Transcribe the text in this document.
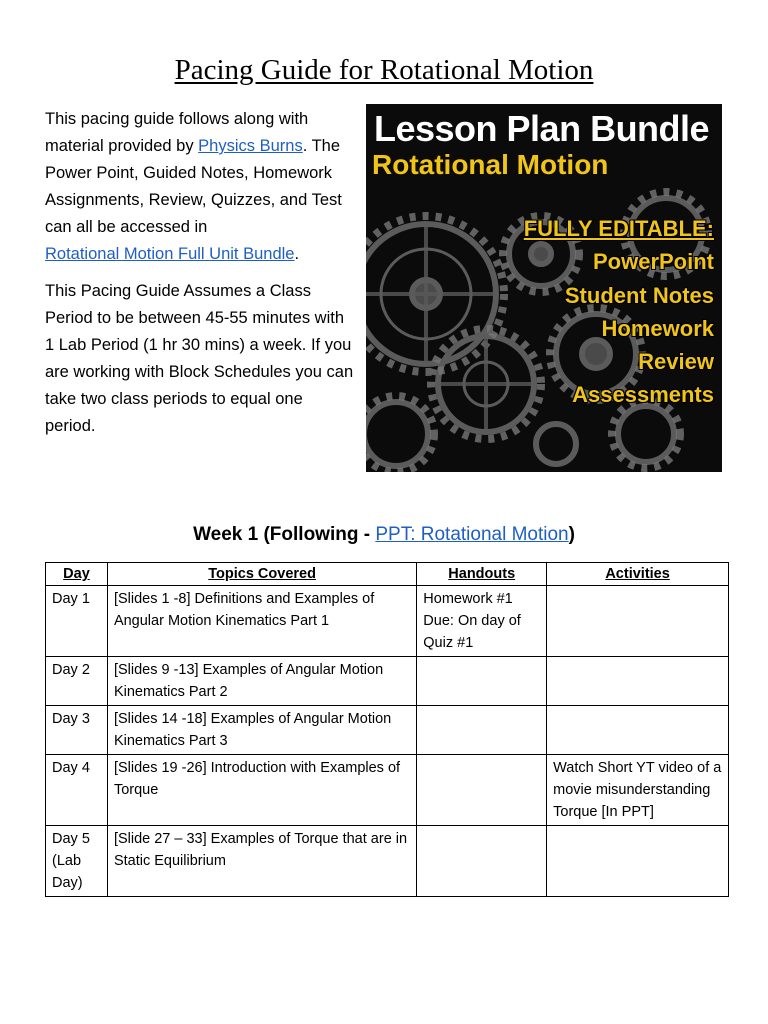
Pacing Guide for Rotational Motion

This pacing guide follows along with material provided by Physics Burns. The Power Point, Guided Notes, Homework Assignments, Review, Quizzes, and Test can all be accessed in
Rotational Motion Full Unit Bundle.

This Pacing Guide Assumes a Class Period to be between 45-55 minutes with 1 Lab Period (1 hr 30 mins) a week. If you are working with Block Schedules you can take two class periods to equal one period.

Lesson Plan Bundle
Rotational Motion
FULLY EDITABLE:
PowerPoint
Student Notes
Homework
Review
Assessments
Week 1 (Following - PPT: Rotational Motion)
Day	Topics Covered	Handouts	Activities
Day 1	[Slides 1 -8] Definitions and Examples of Angular Motion Kinematics Part 1	Homework #1 Due: On day of Quiz #1	
Day 2	[Slides 9 -13] Examples of Angular Motion Kinematics Part 2		
Day 3	[Slides 14 -18] Examples of Angular Motion Kinematics Part 3		
Day 4	[Slides 19 -26] Introduction with Examples of Torque		Watch Short YT video of a movie misunderstanding Torque [In PPT]
Day 5 (Lab Day)	[Slide 27 – 33] Examples of Torque that are in Static Equilibrium		
